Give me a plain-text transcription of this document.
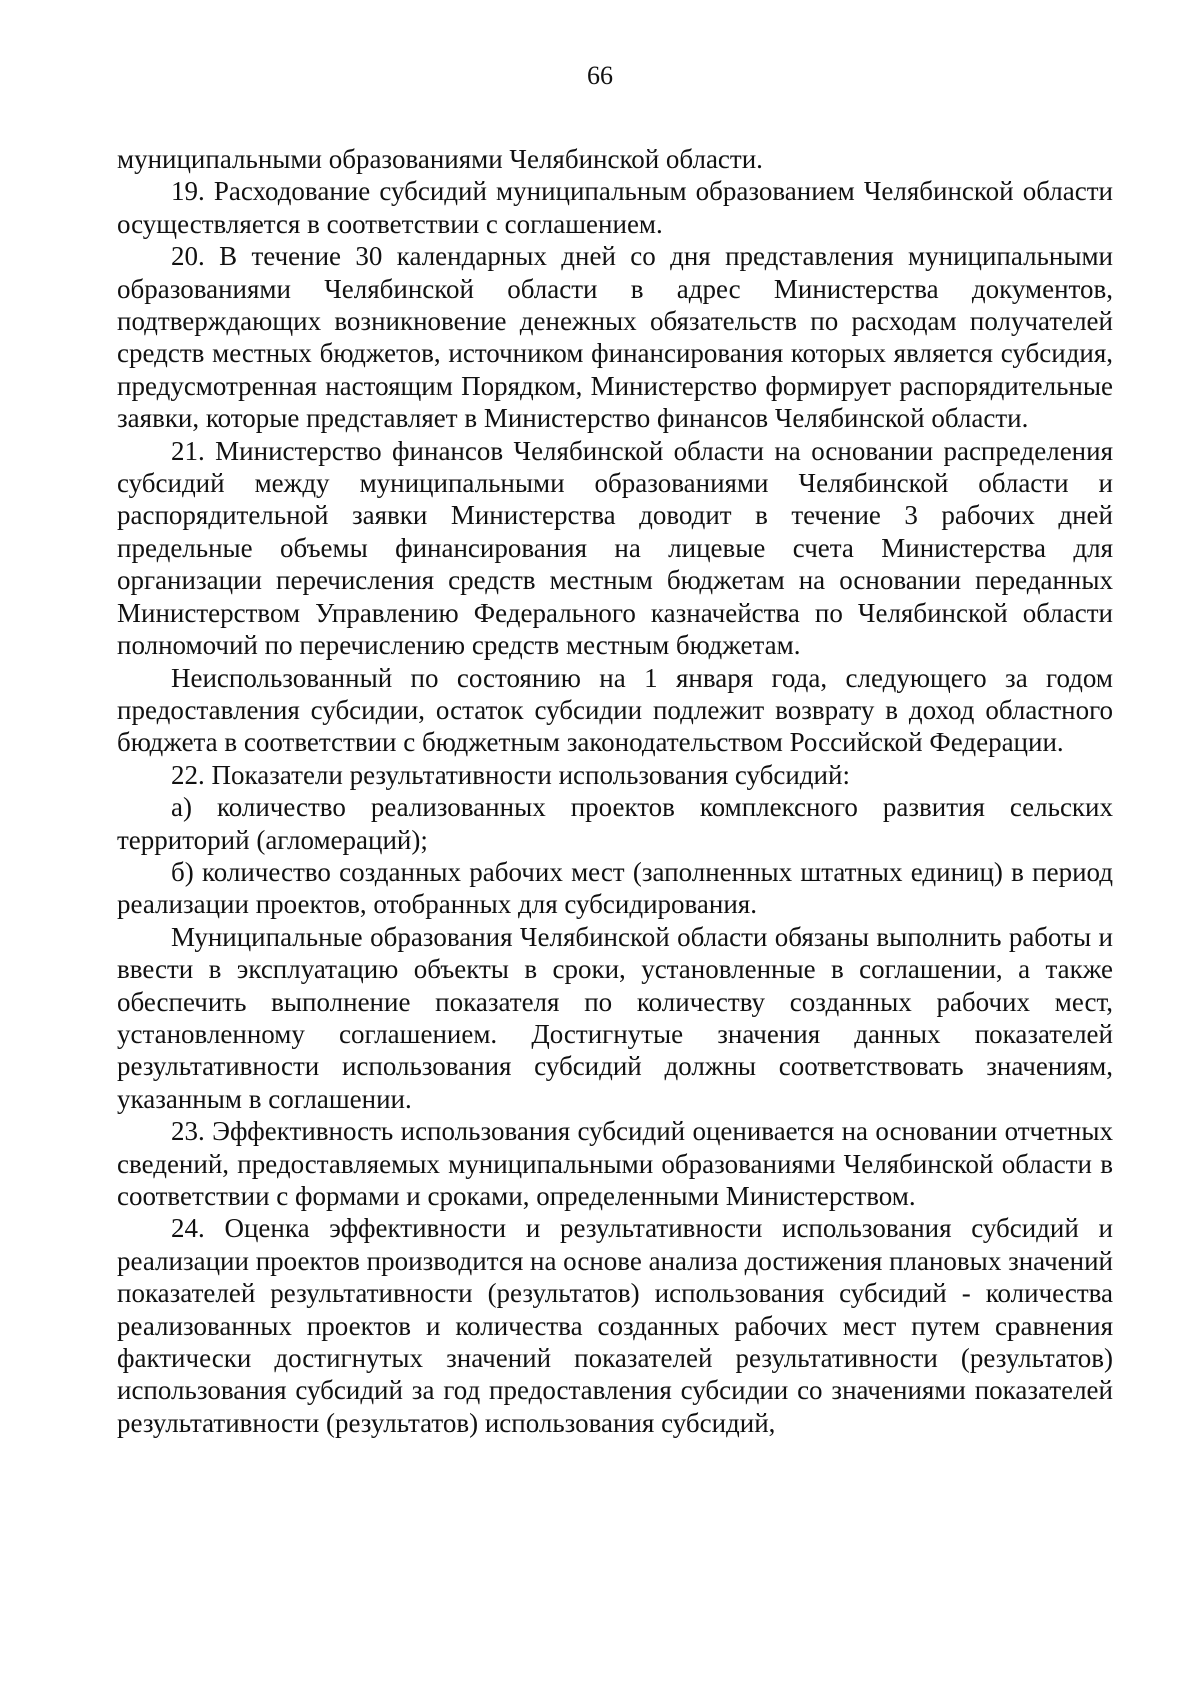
66

муниципальными образованиями Челябинской области.

19. Расходование субсидий муниципальным образованием Челябинской области осуществляется в соответствии с соглашением.

20. В течение 30 календарных дней со дня представления муниципальными образованиями Челябинской области в адрес Министерства документов, подтверждающих возникновение денежных обязательств по расходам получателей средств местных бюджетов, источником финансирования которых является субсидия, предусмотренная настоящим Порядком, Министерство формирует распорядительные заявки, которые представляет в Министерство финансов Челябинской области.

21. Министерство финансов Челябинской области на основании распределения субсидий между муниципальными образованиями Челябинской области и распорядительной заявки Министерства доводит в течение 3 рабочих дней предельные объемы финансирования на лицевые счета Министерства для организации перечисления средств местным бюджетам на основании переданных Министерством Управлению Федерального казначейства по Челябинской области полномочий по перечислению средств местным бюджетам.

Неиспользованный по состоянию на 1 января года, следующего за годом предоставления субсидии, остаток субсидии подлежит возврату в доход областного бюджета в соответствии с бюджетным законодательством Российской Федерации.

22. Показатели результативности использования субсидий:

а) количество реализованных проектов комплексного развития сельских территорий (агломераций);

б) количество созданных рабочих мест (заполненных штатных единиц) в период реализации проектов, отобранных для субсидирования.

Муниципальные образования Челябинской области обязаны выполнить работы и ввести в эксплуатацию объекты в сроки, установленные в соглашении, а также обеспечить выполнение показателя по количеству созданных рабочих мест, установленному соглашением. Достигнутые значения данных показателей результативности использования субсидий должны соответствовать значениям, указанным в соглашении.

23. Эффективность использования субсидий оценивается на основании отчетных сведений, предоставляемых муниципальными образованиями Челябинской области в соответствии с формами и сроками, определенными Министерством.

24. Оценка эффективности и результативности использования субсидий и реализации проектов производится на основе анализа достижения плановых значений показателей результативности (результатов) использования субсидий - количества реализованных проектов и количества созданных рабочих мест путем сравнения фактически достигнутых значений показателей результативности (результатов) использования субсидий за год предоставления субсидии со значениями показателей результативности (результатов) использования субсидий,
